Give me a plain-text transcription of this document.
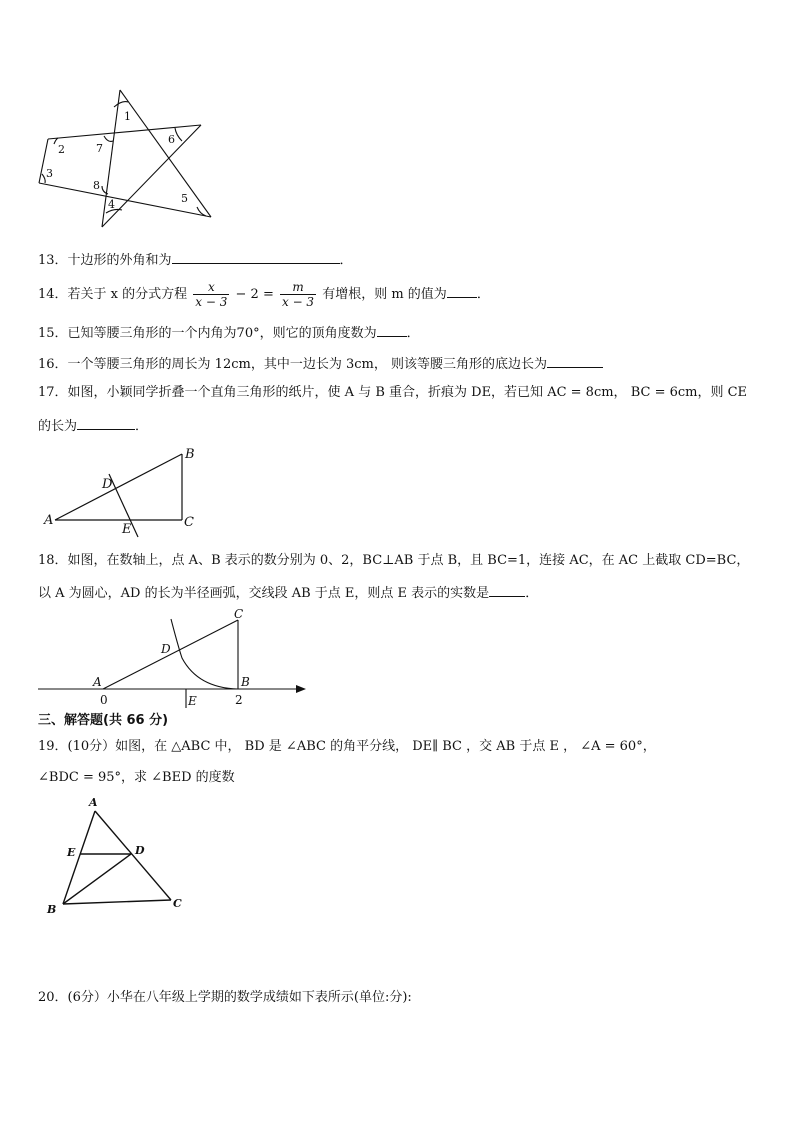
1
2
3
4	5
6
7
8
13．十边形的外角和为	．
14．若关于 x 的分式方程 $\frac{x}{x - 3} - 2 = \frac{m}{x - 3}$ 有增根，则 m 的值为 ．
15．已知等腰三角形的一个内角为70°，则它的顶角度数为 ．
16．一个等腰三角形的周长为 12cm，其中一边长为 3cm， 则该等腰三角形的底边长为
17．如图，小颖同学折叠一个直角三角形的纸片，使 A 与 B 重合，折痕为 DE，若已知 AC = 8cm， BC = 6cm，则 CE
的长为	．
A
B
C
D
E
18．如图，在数轴上，点 A、B 表示的数分别为 0、2，BC⊥AB 于点 B，且 BC=1，连接 AC，在 AC 上截取 CD=BC，
以 A 为圆心，AD 的长为半径画弧，交线段 AB 于点 E，则点 E 表示的实数是	．
A	B
C
D
E
0	2
三、解答题(共 66 分)
19．(10分）如图，在 △ABC 中， BD 是 ∠ABC 的角平分线， DE∥ BC ，交 AB 于点 E ， ∠A = 60°，
∠BDC = 95°，求 ∠BED 的度数
A
B	C
D
E
20．(6分）小华在八年级上学期的数学成绩如下表所示(单位:分):
